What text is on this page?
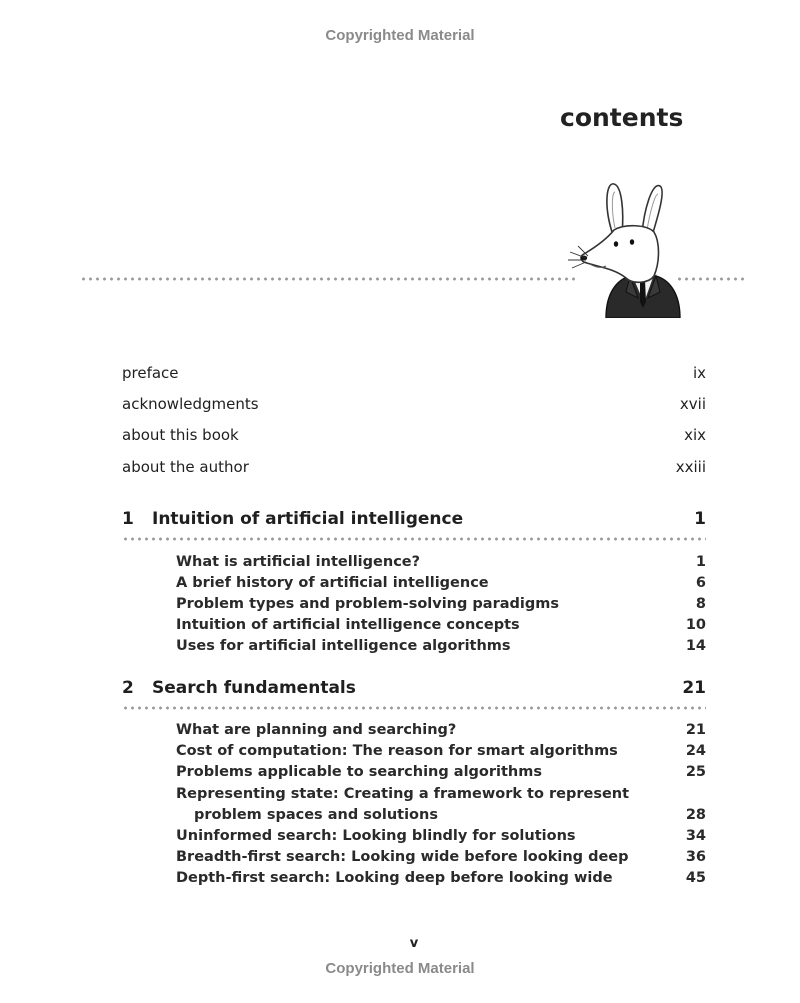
Copyrighted Material
contents
preface	ix
acknowledgments	xvii
about this book	xix
about the author	xxiii
1 Intuition of artificial intelligence	1
What is artificial intelligence?	1
A brief history of artificial intelligence	6
Problem types and problem-solving paradigms	8
Intuition of artificial intelligence concepts	10
Uses for artificial intelligence algorithms	14
2 Search fundamentals	21
What are planning and searching?	21
Cost of computation: The reason for smart algorithms	24
Problems applicable to searching algorithms	25
Representing state: Creating a framework to represent
problem spaces and solutions	28
Uninformed search: Looking blindly for solutions	34
Breadth-first search: Looking wide before looking deep	36
Depth-first search: Looking deep before looking wide	45
v
Copyrighted Material
